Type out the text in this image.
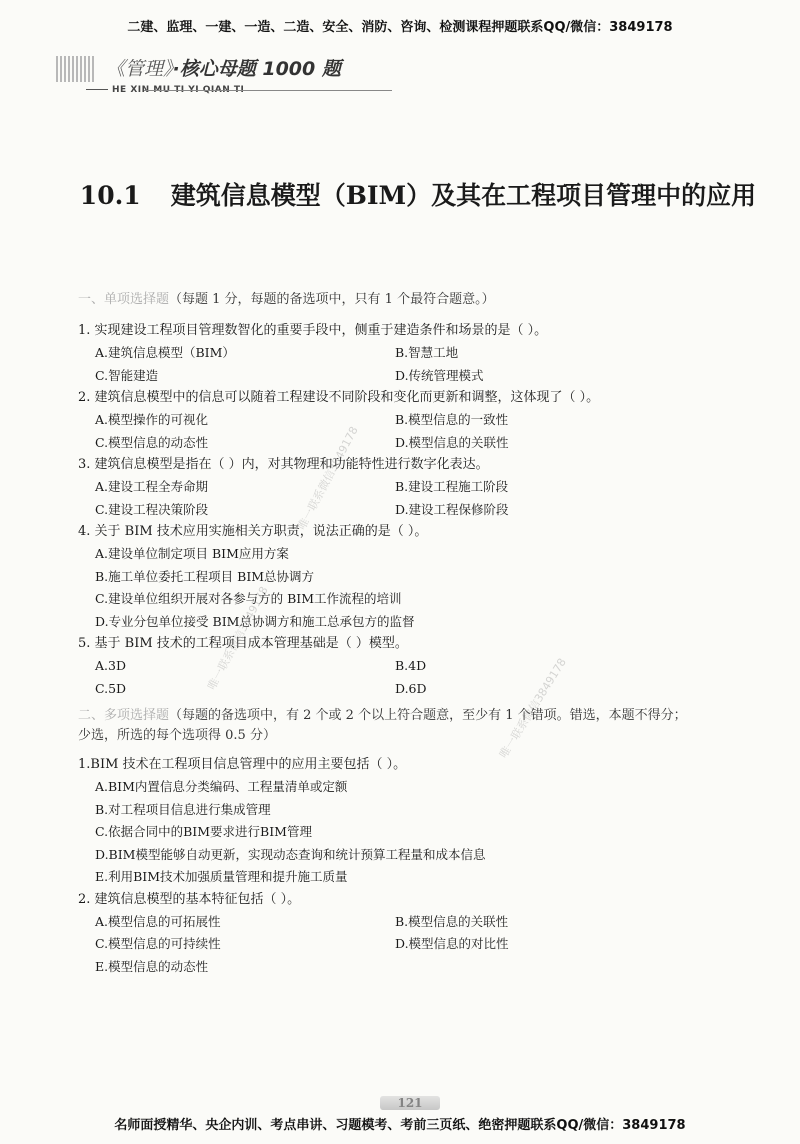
二建、监理、一建、一造、二造、安全、消防、咨询、检测课程押题联系QQ/微信：3849178
《管理》·核心母题 1000 题
HE XIN MU TI YI QIAN TI
10.1 建筑信息模型（BIM）及其在工程项目管理中的应用
一、单项选择题（每题 1 分，每题的备选项中，只有 1 个最符合题意。）
1. 实现建设工程项目管理数智化的重要手段中，侧重于建造条件和场景的是（ ）。
A.建筑信息模型（BIM）	B.智慧工地
C.智能建造	D.传统管理模式
2. 建筑信息模型中的信息可以随着工程建设不同阶段和变化而更新和调整，这体现了（ ）。
A.模型操作的可视化	B.模型信息的一致性
C.模型信息的动态性	D.模型信息的关联性
3. 建筑信息模型是指在（ ）内，对其物理和功能特性进行数字化表达。
A.建设工程全寿命期	B.建设工程施工阶段
C.建设工程决策阶段	D.建设工程保修阶段
4. 关于 BIM 技术应用实施相关方职责，说法正确的是（ ）。
A.建设单位制定项目 BIM应用方案
B.施工单位委托工程项目 BIM总协调方
C.建设单位组织开展对各参与方的 BIM工作流程的培训
D.专业分包单位接受 BIM总协调方和施工总承包方的监督
5. 基于 BIM 技术的工程项目成本管理基础是（ ）模型。
A.3D	B.4D
C.5D	D.6D
二、多项选择题（每题的备选项中，有 2 个或 2 个以上符合题意，至少有 1 个错项。错选，本题不得分；
少选，所选的每个选项得 0.5 分）
1.BIM 技术在工程项目信息管理中的应用主要包括（ ）。
A.BIM内置信息分类编码、工程量清单或定额
B.对工程项目信息进行集成管理
C.依据合同中的BIM要求进行BIM管理
D.BIM模型能够自动更新，实现动态查询和统计预算工程量和成本信息
E.利用BIM技术加强质量管理和提升施工质量
2. 建筑信息模型的基本特征包括（ ）。
A.模型信息的可拓展性	B.模型信息的关联性
C.模型信息的可持续性	D.模型信息的对比性
E.模型信息的动态性
唯一联系微信3849178
唯一联系微信3849178
唯一联系微信3849178
121
名师面授精华、央企内训、考点串讲、习题模考、考前三页纸、绝密押题联系QQ/微信：3849178
